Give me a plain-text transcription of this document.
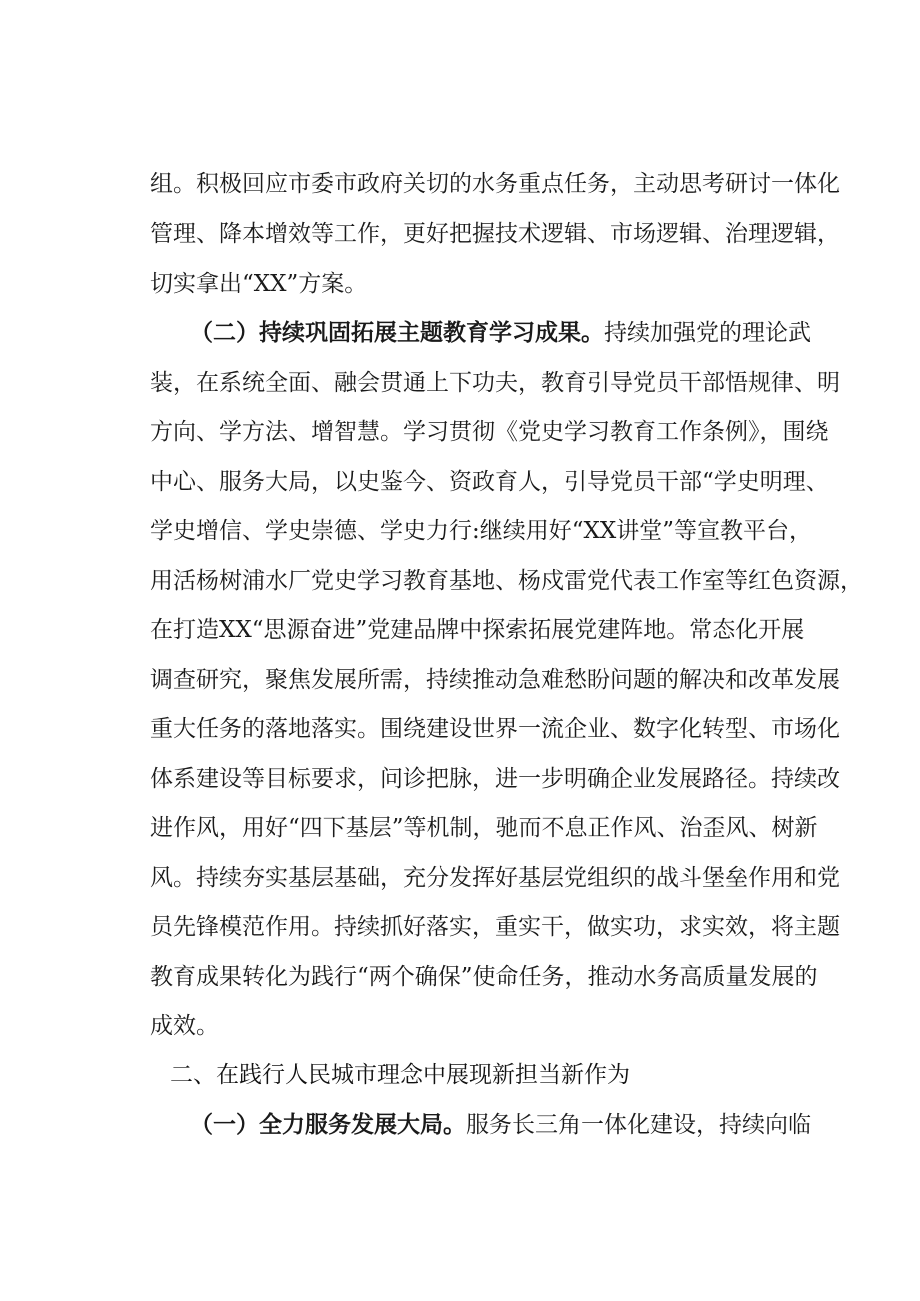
组。积极回应市委市政府关切的水务重点任务，主动思考研讨一体化
管理、降本增效等工作，更好把握技术逻辑、市场逻辑、治理逻辑，
切实拿出“XX”方案。
（二）持续巩固拓展主题教育学习成果。持续加强党的理论武
装，在系统全面、融会贯通上下功夫，教育引导党员干部悟规律、明
方向、学方法、增智慧。学习贯彻《党史学习教育工作条例》，围绕
中心、服务大局，以史鉴今、资政育人，引导党员干部“学史明理、
学史增信、学史崇德、学史力行:继续用好“XX讲堂”等宣教平台，
用活杨树浦水厂党史学习教育基地、杨戍雷党代表工作室等红色资源，
在打造XX“思源奋进”党建品牌中探索拓展党建阵地。常态化开展
调查研究，聚焦发展所需，持续推动急难愁盼问题的解决和改革发展
重大任务的落地落实。围绕建设世界一流企业、数字化转型、市场化
体系建设等目标要求，问诊把脉，进一步明确企业发展路径。持续改
进作风，用好“四下基层”等机制，驰而不息正作风、治歪风、树新
风。持续夯实基层基础，充分发挥好基层党组织的战斗堡垒作用和党
员先锋模范作用。持续抓好落实，重实干，做实功，求实效，将主题
教育成果转化为践行“两个确保”使命任务，推动水务高质量发展的
成效。
二、在践行人民城市理念中展现新担当新作为
（一）全力服务发展大局。服务长三角一体化建设，持续向临
